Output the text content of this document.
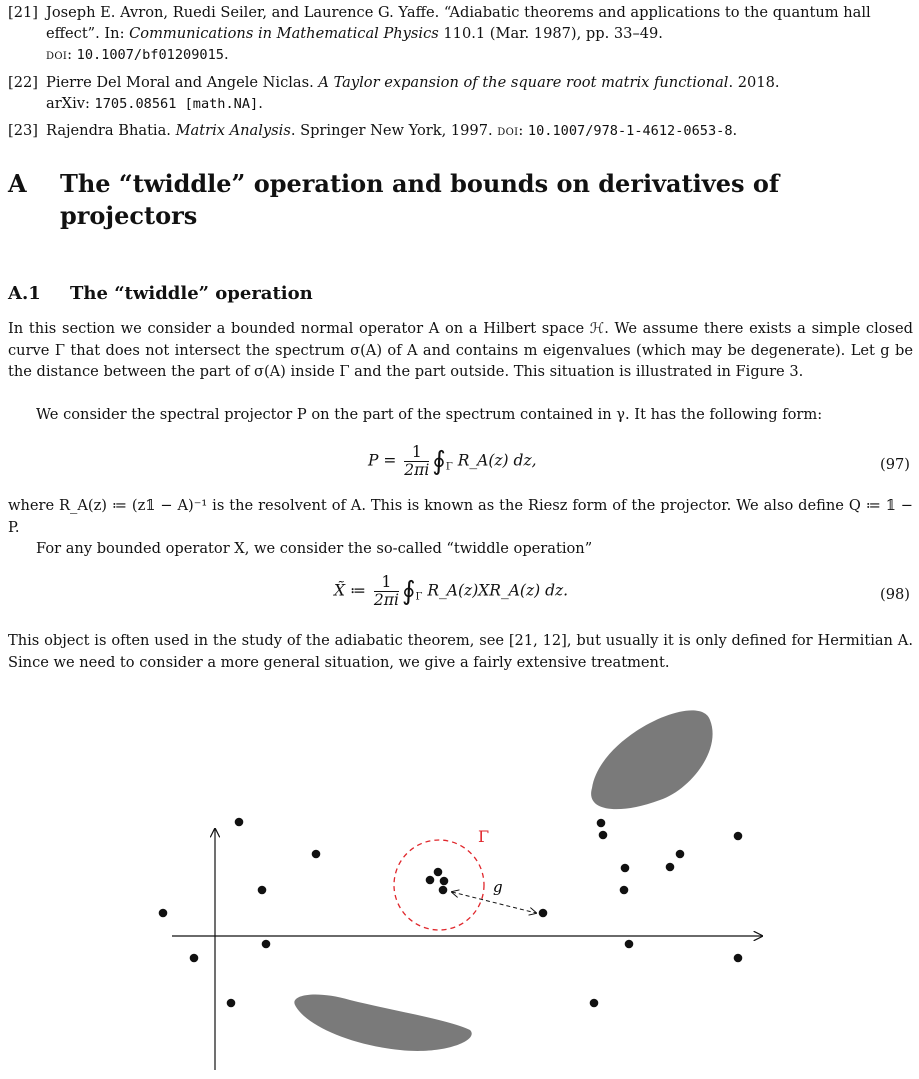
[21] Joseph E. Avron, Ruedi Seiler, and Laurence G. Yaffe. “Adiabatic theorems and applications to the quantum hall effect”. In: Communications in Mathematical Physics 110.1 (Mar. 1987), pp. 33–49.
doi: 10.1007/bf01209015.
[22] Pierre Del Moral and Angele Niclas. A Taylor expansion of the square root matrix functional. 2018.
arXiv: 1705.08561 [math.NA].
[23] Rajendra Bhatia. Matrix Analysis. Springer New York, 1997. doi: 10.1007/978-1-4612-0653-8.
A The “twiddle” operation and bounds on derivatives of projectors
A.1 The “twiddle” operation
In this section we consider a bounded normal operator A on a Hilbert space ℋ. We assume there exists a simple closed curve Γ that does not intersect the spectrum σ(A) of A and contains m eigenvalues (which may be degenerate). Let g be the distance between the part of σ(A) inside Γ and the part outside. This situation is illustrated in Figure 3.
We consider the spectral projector P on the part of the spectrum contained in γ. It has the following form:
$P = \frac{1}{2\pi i}$ $∮_\Gamma$ R_A(z) dz,	(97)
where R_A(z) ≔ (z𝟙 − A)⁻¹ is the resolvent of A. This is known as the Riesz form of the projector. We also define Q ≔ 𝟙 − P.
For any bounded operator X, we consider the so-called “twiddle operation”
X̃ ≔ $\frac{1}{2\pi i}$ $∮_\Gamma$ R_A(z)XR_A(z) dz.	(98)
This object is often used in the study of the adiabatic theorem, see [21, 12], but usually it is only defined for Hermitian A. Since we need to consider a more general situation, we give a fairly extensive treatment.
Γ
g
